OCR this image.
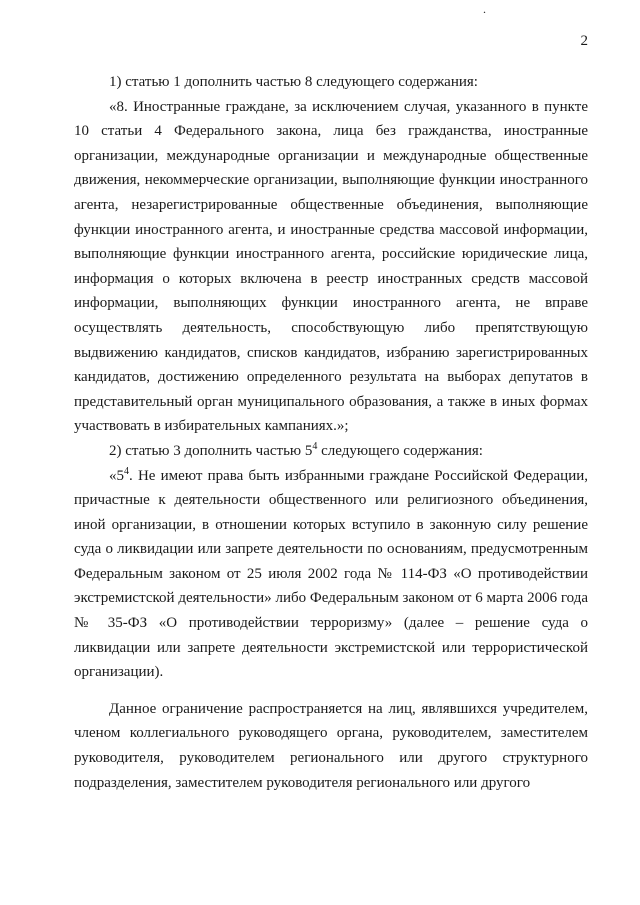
.
2

1) статью 1 дополнить частью 8 следующего содержания:

«8. Иностранные граждане, за исключением случая, указанного в пункте 10 статьи 4 Федерального закона, лица без гражданства, иностранные организации, международные организации и международные общественные движения, некоммерческие организации, выполняющие функции иностранного агента, незарегистрированные общественные объединения, выполняющие функции иностранного агента, и иностранные средства массовой информации, выполняющие функции иностранного агента, российские юридические лица, информация о которых включена в реестр иностранных средств массовой информации, выполняющих функции иностранного агента, не вправе осуществлять деятельность, способствующую либо препятствующую выдвижению кандидатов, списков кандидатов, избранию зарегистрированных кандидатов, достижению определенного результата на выборах депутатов в представительный орган муниципального образования, а также в иных формах участвовать в избирательных кампаниях.»;

2) статью 3 дополнить частью $5^4$ следующего содержания:

«$5^4$. Не имеют права быть избранными граждане Российской Федерации, причастные к деятельности общественного или религиозного объединения, иной организации, в отношении которых вступило в законную силу решение суда о ликвидации или запрете деятельности по основаниям, предусмотренным Федеральным законом от 25 июля 2002 года № 114-ФЗ «О противодействии экстремистской деятельности» либо Федеральным законом от 6 марта 2006 года № 35-ФЗ «О противодействии терроризму» (далее – решение суда о ликвидации или запрете деятельности экстремистской или террористической организации).

Данное ограничение распространяется на лиц, являвшихся учредителем, членом коллегиального руководящего органа, руководителем, заместителем руководителя, руководителем регионального или другого структурного подразделения, заместителем руководителя регионального или другого
